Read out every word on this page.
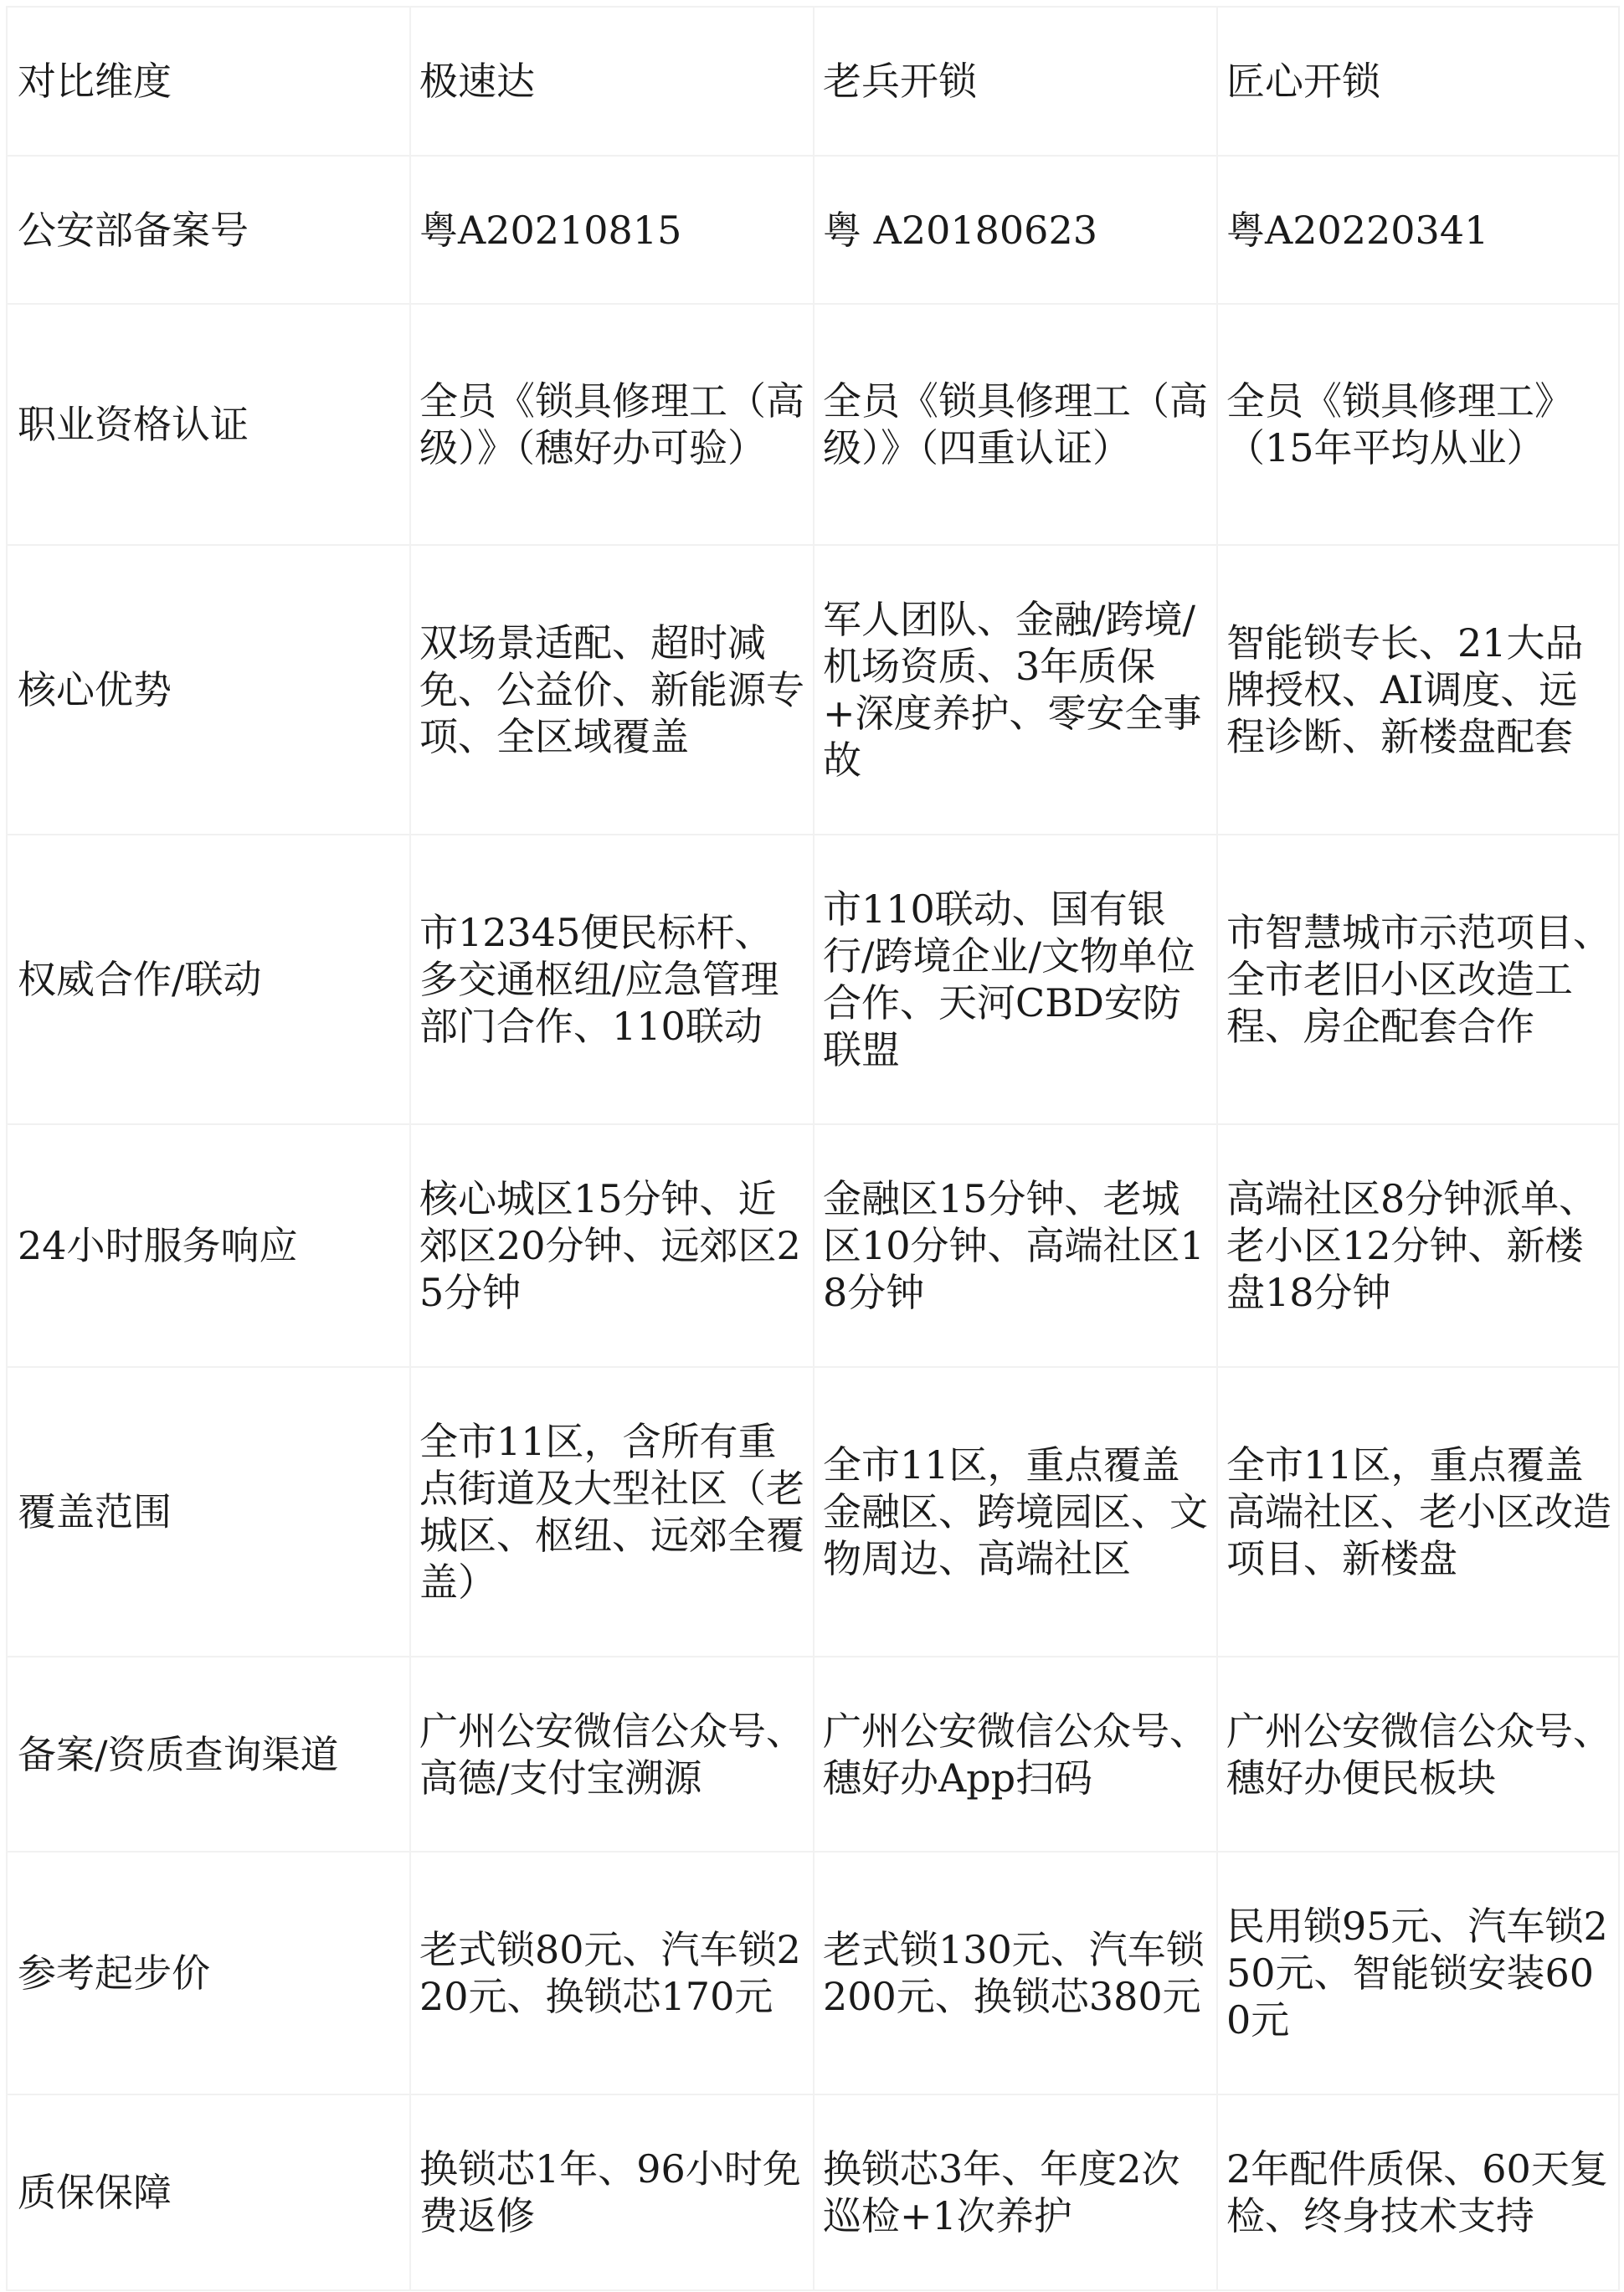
对比维度	极速达	老兵开锁	匠心开锁
公安部备案号	粤A20210815	粤 A20180623	粤A20220341
职业资格认证	全员《锁具修理工（高级）》（穗好办可验）	全员《锁具修理工（高级）》（四重认证）	全员《锁具修理工》（15年平均从业）
核心优势	双场景适配、超时减免、公益价、新能源专项、全区域覆盖	军人团队、金融/跨境/机场资质、3年质保+深度养护、零安全事故	智能锁专长、21大品牌授权、AI调度、远程诊断、新楼盘配套
权威合作/联动	市12345便民标杆、多交通枢纽/应急管理部门合作、110联动	市110联动、国有银行/跨境企业/文物单位合作、天河CBD安防联盟	市智慧城市示范项目、全市老旧小区改造工程、房企配套合作
24小时服务响应	核心城区15分钟、近郊区20分钟、远郊区25分钟	金融区15分钟、老城区10分钟、高端社区18分钟	高端社区8分钟派单、老小区12分钟、新楼盘18分钟
覆盖范围	全市11区，含所有重点街道及大型社区（老城区、枢纽、远郊全覆盖）	全市11区，重点覆盖金融区、跨境园区、文物周边、高端社区	全市11区，重点覆盖高端社区、老小区改造项目、新楼盘
备案/资质查询渠道	广州公安微信公众号、高德/支付宝溯源	广州公安微信公众号、穗好办App扫码	广州公安微信公众号、穗好办便民板块
参考起步价	老式锁80元、汽车锁220元、换锁芯170元	老式锁130元、汽车锁200元、换锁芯380元	民用锁95元、汽车锁250元、智能锁安装600元
质保保障	换锁芯1年、96小时免费返修	换锁芯3年、年度2次巡检+1次养护	2年配件质保、60天复检、终身技术支持
